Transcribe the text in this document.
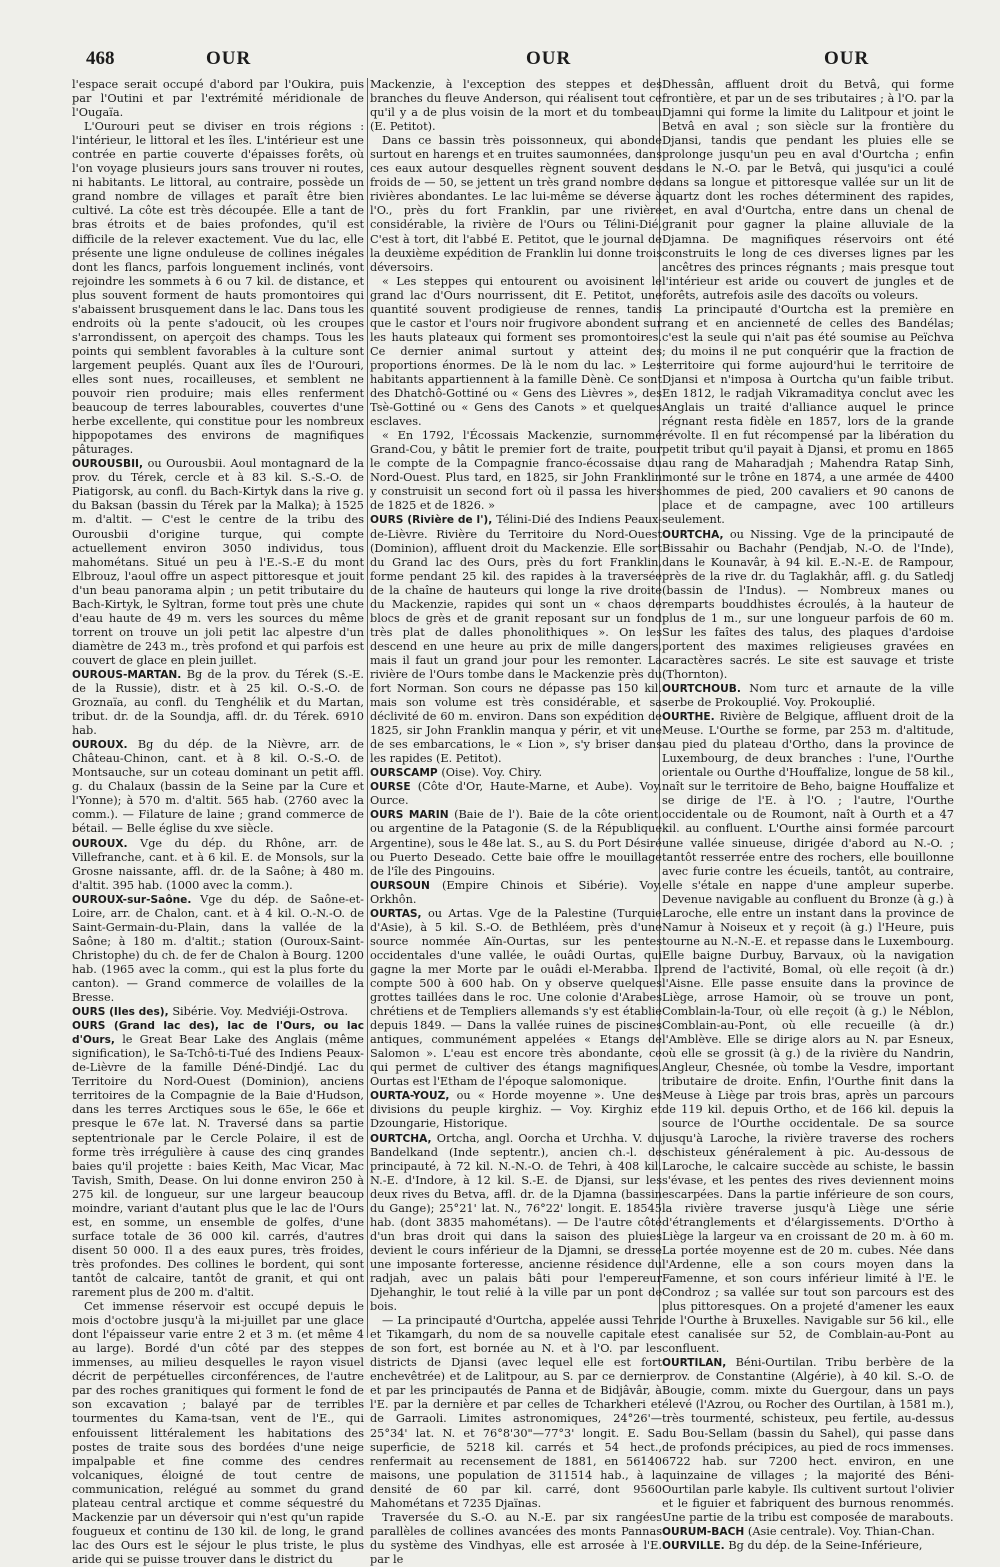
468	OUR	OUR	OUR

l'espace serait occupé d'abord par l'Oukira, puis par l'Outini et par l'extrémité méridionale de l'Ougaïa.

L'Ourouri peut se diviser en trois régions : l'intérieur, le littoral et les îles. L'intérieur est une contrée en partie couverte d'épaisses forêts, où l'on voyage plusieurs jours sans trouver ni routes, ni habitants. Le littoral, au contraire, possède un grand nombre de villages et paraît être bien cultivé. La côte est très découpée. Elle a tant de bras étroits et de baies profondes, qu'il est difficile de la relever exactement. Vue du lac, elle présente une ligne onduleuse de collines inégales dont les flancs, parfois longuement inclinés, vont rejoindre les sommets à 6 ou 7 kil. de distance, et plus souvent forment de hauts promontoires qui s'abaissent brusquement dans le lac. Dans tous les endroits où la pente s'adoucit, où les croupes s'arrondissent, on aperçoit des champs. Tous les points qui semblent favorables à la culture sont largement peuplés. Quant aux îles de l'Ourouri, elles sont nues, rocailleuses, et semblent ne pouvoir rien produire; mais elles renferment beaucoup de terres labourables, couvertes d'une herbe excellente, qui constitue pour les nombreux hippopotames des environs de magnifiques pâturages.

OUROUSBII, ou Ourousbii. Aoul montagnard de la prov. du Térek, cercle et à 83 kil. S.-S.-O. de Piatigorsk, au confl. du Bach-Kirtyk dans la rive g. du Baksan (bassin du Térek par la Malka); à 1525 m. d'altit. — C'est le centre de la tribu des Ourousbii d'origine turque, qui compte actuellement environ 3050 individus, tous mahométans. Situé un peu à l'E.-S.-E du mont Elbrouz, l'aoul offre un aspect pittoresque et jouit d'un beau panorama alpin ; un petit tributaire du Bach-Kirtyk, le Syltran, forme tout près une chute d'eau haute de 49 m. vers les sources du même torrent on trouve un joli petit lac alpestre d'un diamètre de 243 m., très profond et qui parfois est couvert de glace en plein juillet.

OUROUS-MARTAN. Bg de la prov. du Térek (S.-E. de la Russie), distr. et à 25 kil. O.-S.-O. de Groznaïa, au confl. du Tenghélik et du Martan, tribut. dr. de la Soundja, affl. dr. du Térek. 6910 hab.

OUROUX. Bg du dép. de la Nièvre, arr. de Château-Chinon, cant. et à 8 kil. O.-S.-O. de Montsauche, sur un coteau dominant un petit affl. g. du Chalaux (bassin de la Seine par la Cure et l'Yonne); à 570 m. d'altit. 565 hab. (2760 avec la comm.). — Filature de laine ; grand commerce de bétail. — Belle église du xve siècle.

OUROUX. Vge du dép. du Rhône, arr. de Villefranche, cant. et à 6 kil. E. de Monsols, sur la Grosne naissante, affl. dr. de la Saône; à 480 m. d'altit. 395 hab. (1000 avec la comm.).

OUROUX-sur-Saône. Vge du dép. de Saône-et-Loire, arr. de Chalon, cant. et à 4 kil. O.-N.-O. de Saint-Germain-du-Plain, dans la vallée de la Saône; à 180 m. d'altit.; station (Ouroux-Saint-Christophe) du ch. de fer de Chalon à Bourg. 1200 hab. (1965 avec la comm., qui est la plus forte du canton). — Grand commerce de volailles de la Bresse.

OURS (Iles des), Sibérie. Voy. Medviéji-Ostrova.

OURS (Grand lac des), lac de l'Ours, ou lac d'Ours, le Great Bear Lake des Anglais (même signification), le Sa-Tchô-ti-Tué des Indiens Peaux-de-Lièvre de la famille Déné-Dindjé. Lac du Territoire du Nord-Ouest (Dominion), anciens territoires de la Compagnie de la Baie d'Hudson, dans les terres Arctiques sous le 65e, le 66e et presque le 67e lat. N. Traversé dans sa partie septentrionale par le Cercle Polaire, il est de forme très irrégulière à cause des cinq grandes baies qu'il projette : baies Keith, Mac Vicar, Mac Tavish, Smith, Dease. On lui donne environ 250 à 275 kil. de longueur, sur une largeur beaucoup moindre, variant d'autant plus que le lac de l'Ours est, en somme, un ensemble de golfes, d'une surface totale de 36 000 kil. carrés, d'autres disent 50 000. Il a des eaux pures, très froides, très profondes. Des collines le bordent, qui sont tantôt de calcaire, tantôt de granit, et qui ont rarement plus de 200 m. d'altit.

Cet immense réservoir est occupé depuis le mois d'octobre jusqu'à la mi-juillet par une glace dont l'épaisseur varie entre 2 et 3 m. (et même 4 au large). Bordé d'un côté par des steppes immenses, au milieu desquelles le rayon visuel décrit de perpétuelles circonférences, de l'autre par des roches granitiques qui forment le fond de son excavation ; balayé par de terribles tourmentes du Kama-tsan, vent de l'E., qui enfouissent littéralement les habitations des postes de traite sous des bordées d'une neige impalpable et fine comme des cendres volcaniques, éloigné de tout centre de communication, relégué au sommet du grand plateau central arctique et comme séquestré du Mackenzie par un déversoir qui n'est qu'un rapide fougueux et continu de 130 kil. de long, le grand lac des Ours est le séjour le plus triste, le plus aride qui se puisse trouver dans le district du

Mackenzie, à l'exception des steppes et des branches du fleuve Anderson, qui réalisent tout ce qu'il y a de plus voisin de la mort et du tombeau (E. Petitot).

Dans ce bassin très poissonneux, qui abonde surtout en harengs et en truites saumonnées, dans ces eaux autour desquelles règnent souvent des froids de — 50, se jettent un très grand nombre de rivières abondantes. Le lac lui-même se déverse à l'O., près du fort Franklin, par une rivière considérable, la rivière de l'Ours ou Télini-Dié. C'est à tort, dit l'abbé E. Petitot, que le journal de la deuxième expédition de Franklin lui donne trois déversoirs.

« Les steppes qui entourent ou avoisinent le grand lac d'Ours nourrissent, dit E. Petitot, une quantité souvent prodigieuse de rennes, tandis que le castor et l'ours noir frugivore abondent sur les hauts plateaux qui forment ses promontoires. Ce dernier animal surtout y atteint des proportions énormes. De là le nom du lac. » Les habitants appartiennent à la famille Dènè. Ce sont des Dhatchô-Gottiné ou « Gens des Lièvres », des Tsè-Gottiné ou « Gens des Canots » et quelques esclaves.

« En 1792, l'Écossais Mackenzie, surnommé Grand-Cou, y bâtit le premier fort de traite, pour le compte de la Compagnie franco-écossaise du Nord-Ouest. Plus tard, en 1825, sir John Franklin y construisit un second fort où il passa les hivers de 1825 et de 1826. »

OURS (Rivière de l'), Télini-Dié des Indiens Peaux-de-Lièvre. Rivière du Territoire du Nord-Ouest (Dominion), affluent droit du Mackenzie. Elle sort du Grand lac des Ours, près du fort Franklin, forme pendant 25 kil. des rapides à la traversée de la chaîne de hauteurs qui longe la rive droite du Mackenzie, rapides qui sont un « chaos de blocs de grès et de granit reposant sur un fond très plat de dalles phonolithiques ». On les descend en une heure au prix de mille dangers, mais il faut un grand jour pour les remonter. La rivière de l'Ours tombe dans le Mackenzie près du fort Norman. Son cours ne dépasse pas 150 kil. mais son volume est très considérable, et sa déclivité de 60 m. environ. Dans son expédition de 1825, sir John Franklin manqua y périr, et vit une de ses embarcations, le « Lion », s'y briser dans les rapides (E. Petitot).

OURSCAMP (Oise). Voy. Chiry.

OURSE (Côte d'Or, Haute-Marne, et Aube). Voy. Ource.

OURS MARIN (Baie de l'). Baie de la côte orient. ou argentine de la Patagonie (S. de la République Argentine), sous le 48e lat. S., au S. du Port Désiré ou Puerto Deseado. Cette baie offre le mouillage de l'île des Pingouins.

OURSOUN (Empire Chinois et Sibérie). Voy. Orkhôn.

OURTAS, ou Artas. Vge de la Palestine (Turquie d'Asie), à 5 kil. S.-O. de Bethléem, près d'une source nommée Aïn-Ourtas, sur les pentes occidentales d'une vallée, le ouâdi Ourtas, qui gagne la mer Morte par le ouâdi el-Merabba. Il compte 500 à 600 hab. On y observe quelques grottes taillées dans le roc. Une colonie d'Arabes chrétiens et de Templiers allemands s'y est établie depuis 1849. — Dans la vallée ruines de piscines antiques, communément appelées « Etangs de Salomon ». L'eau est encore très abondante, ce qui permet de cultiver des étangs magnifiques. Ourtas est l'Etham de l'époque salomonique.

OURTA-YOUZ, ou « Horde moyenne ». Une des divisions du peuple kirghiz. — Voy. Kirghiz et Dzoungarie, Historique.

OURTCHA, Ortcha, angl. Oorcha et Urchha. V. du Bandelkand (Inde septentr.), ancien ch.-l. de principauté, à 72 kil. N.-N.-O. de Tehri, à 408 kil. N.-E. d'Indore, à 12 kil. S.-E. de Djansi, sur les deux rives du Betva, affl. dr. de la Djamna (bassin du Gange); 25°21' lat. N., 76°22' longit. E. 18545 hab. (dont 3835 mahométans). — De l'autre côté d'un bras droit qui dans la saison des pluies devient le cours inférieur de la Djamni, se dresse une imposante forteresse, ancienne résidence du radjah, avec un palais bâti pour l'empereur Djehanghir, le tout relié à la ville par un pont de bois.

— La principauté d'Ourtcha, appelée aussi Tehri et Tikamgarh, du nom de sa nouvelle capitale et de son fort, est bornée au N. et à l'O. par les districts de Djansi (avec lequel elle est fort enchevêtrée) et de Lalitpour, au S. par ce dernier et par les principautés de Panna et de Bidjâvâr, à l'E. par la dernière et par celles de Tcharkheri et de Garraoli. Limites astronomiques, 24°26'—25°34' lat. N. et 76°8'30"—77°3' longit. E. Sa superficie, de 5218 kil. carrés et 54 hect., renfermait au recensement de 1881, en 56140 maisons, une population de 311514 hab., à la densité de 60 par kil. carré, dont 9560 Mahométans et 7235 Djaïnas.

Traversée du S.-O. au N.-E. par six rangées parallèles de collines avancées des monts Pannas du système des Vindhyas, elle est arrosée à l'E. par le

Dhessân, affluent droit du Betvâ, qui forme frontière, et par un de ses tributaires ; à l'O. par la Djamni qui forme la limite du Lalitpour et joint le Betvâ en aval ; son siècle sur la frontière du Djansi, tandis que pendant les pluies elle se prolonge jusqu'un peu en aval d'Ourtcha ; enfin dans le N.-O. par le Betvâ, qui jusqu'ici a coulé dans sa longue et pittoresque vallée sur un lit de quartz dont les roches déterminent des rapides, et, en aval d'Ourtcha, entre dans un chenal de granit pour gagner la plaine alluviale de la Djamna. De magnifiques réservoirs ont été construits le long de ces diverses lignes par les ancêtres des princes régnants ; mais presque tout l'intérieur est aride ou couvert de jungles et de forêts, autrefois asile des dacoïts ou voleurs.

La principauté d'Ourtcha est la première en rang et en ancienneté de celles des Bandélas; c'est la seule qui n'ait pas été soumise au Peïchva ; du moins il ne put conquérir que la fraction de territoire qui forme aujourd'hui le territoire de Djansi et n'imposa à Ourtcha qu'un faible tribut. En 1812, le radjah Vikramaditya conclut avec les Anglais un traité d'alliance auquel le prince régnant resta fidèle en 1857, lors de la grande révolte. Il en fut récompensé par la libération du petit tribut qu'il payait à Djansi, et promu en 1865 au rang de Maharadjah ; Mahendra Ratap Sinh, monté sur le trône en 1874, a une armée de 4400 hommes de pied, 200 cavaliers et 90 canons de place et de campagne, avec 100 artilleurs seulement.

OURTCHA, ou Nissing. Vge de la principauté de Bissahir ou Bachahr (Pendjab, N.-O. de l'Inde), dans le Kounavâr, à 94 kil. E.-N.-E. de Rampour, près de la rive dr. du Taglakhâr, affl. g. du Satledj (bassin de l'Indus). — Nombreux manes ou remparts bouddhistes écroulés, à la hauteur de plus de 1 m., sur une longueur parfois de 60 m. Sur les faîtes des talus, des plaques d'ardoise portent des maximes religieuses gravées en caractères sacrés. Le site est sauvage et triste (Thornton).

OURTCHOUB. Nom turc et arnaute de la ville serbe de Prokouplié. Voy. Prokouplié.

OURTHE. Rivière de Belgique, affluent droit de la Meuse. L'Ourthe se forme, par 253 m. d'altitude, au pied du plateau d'Ortho, dans la province de Luxembourg, de deux branches : l'une, l'Ourthe orientale ou Ourthe d'Houffalize, longue de 58 kil., naît sur le territoire de Beho, baigne Houffalize et se dirige de l'E. à l'O. ; l'autre, l'Ourthe occidentale ou de Roumont, naît à Ourth et a 47 kil. au confluent. L'Ourthe ainsi formée parcourt une vallée sinueuse, dirigée d'abord au N.-O. ; tantôt resserrée entre des rochers, elle bouillonne avec furie contre les écueils, tantôt, au contraire, elle s'étale en nappe d'une ampleur superbe. Devenue navigable au confluent du Bronze (à g.) à Laroche, elle entre un instant dans la province de Namur à Noiseux et y reçoit (à g.) l'Heure, puis tourne au N.-N.-E. et repasse dans le Luxembourg. Elle baigne Durbuy, Barvaux, où la navigation prend de l'activité, Bomal, où elle reçoit (à dr.) l'Aisne. Elle passe ensuite dans la province de Liège, arrose Hamoir, où se trouve un pont, Comblain-la-Tour, où elle reçoit (à g.) le Néblon, Comblain-au-Pont, où elle recueille (à dr.) l'Amblève. Elle se dirige alors au N. par Esneux, où elle se grossit (à g.) de la rivière du Nandrin, Angleur, Chesnée, où tombe la Vesdre, important tributaire de droite. Enfin, l'Ourthe finit dans la Meuse à Liège par trois bras, après un parcours de 119 kil. depuis Ortho, et de 166 kil. depuis la source de l'Ourthe occidentale. De sa source jusqu'à Laroche, la rivière traverse des rochers schisteux généralement à pic. Au-dessous de Laroche, le calcaire succède au schiste, le bassin s'évase, et les pentes des rives deviennent moins escarpées. Dans la partie inférieure de son cours, la rivière traverse jusqu'à Liège une série d'étranglements et d'élargissements. D'Ortho à Liège la largeur va en croissant de 20 m. à 60 m. La portée moyenne est de 20 m. cubes. Née dans l'Ardenne, elle a son cours moyen dans la Famenne, et son cours inférieur limité à l'E. le Condroz ; sa vallée sur tout son parcours est des plus pittoresques. On a projeté d'amener les eaux de l'Ourthe à Bruxelles. Navigable sur 56 kil., elle est canalisée sur 52, de Comblain-au-Pont au confluent.

OURTILAN, Béni-Ourtilan. Tribu berbère de la prov. de Constantine (Algérie), à 40 kil. S.-O. de Bougie, comm. mixte du Guergour, dans un pays élevé (l'Azrou, ou Rocher des Ourtilan, à 1581 m.), très tourmenté, schisteux, peu fertile, au-dessus du Bou-Sellam (bassin du Sahel), qui passe dans de profonds précipices, au pied de rocs immenses. 6722 hab. sur 7200 hect. environ, en une quinzaine de villages ; la majorité des Béni-Ourtilan parle kabyle. Ils cultivent surtout l'olivier et le figuier et fabriquent des burnous renommés. Une partie de la tribu est composée de marabouts.

OURUM-BACH (Asie centrale). Voy. Thian-Chan.

OURVILLE. Bg du dép. de la Seine-Inférieure,
